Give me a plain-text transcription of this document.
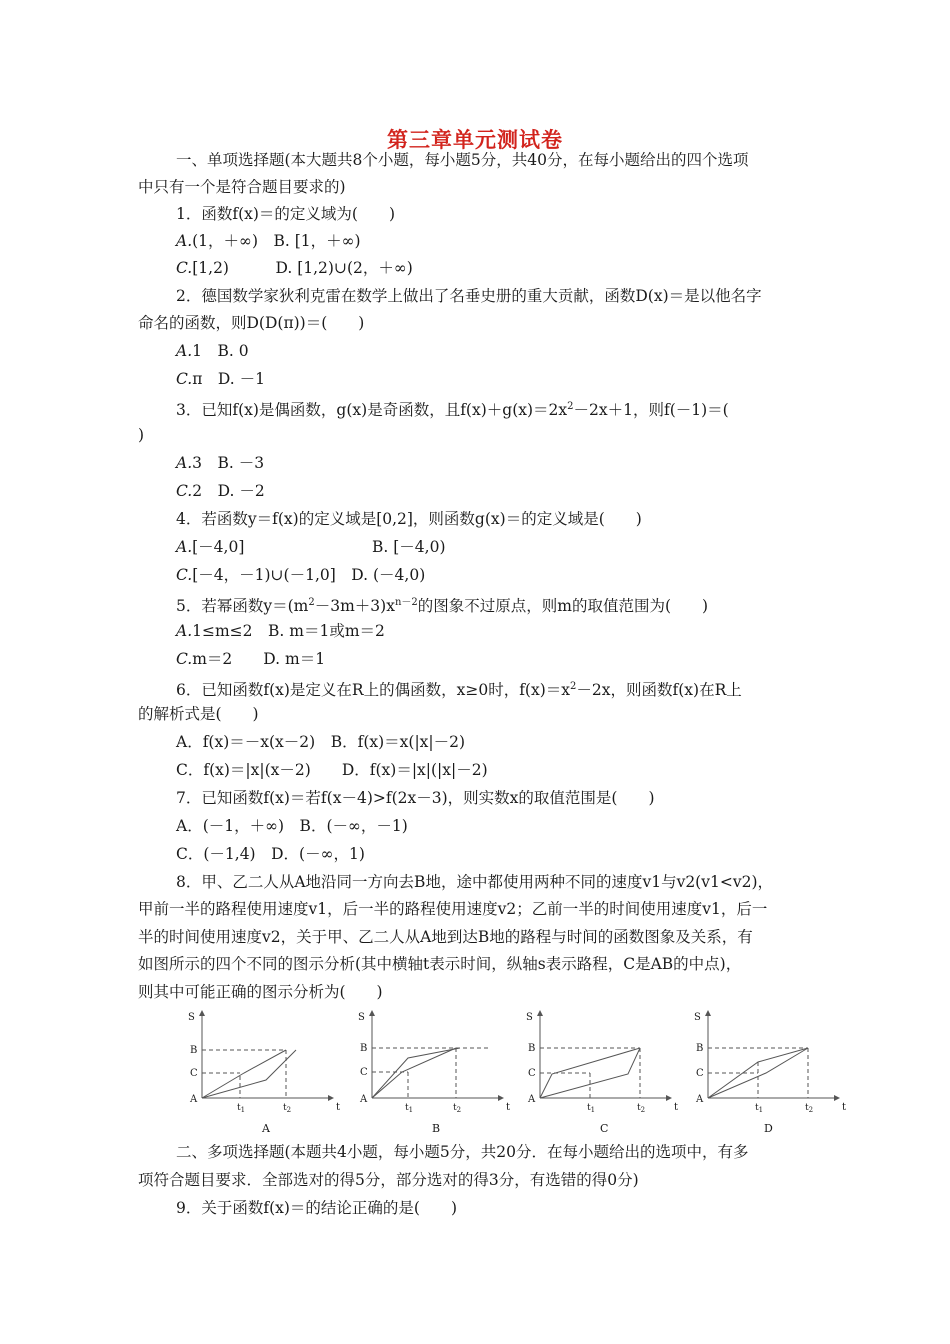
第三章单元测试卷
一、单项选择题(本大题共8个小题，每小题5分，共40分，在每小题给出的四个选项
中只有一个是符合题目要求的)
1．函数f(x)＝的定义域为(　　)
A.(1，＋∞)　B. [1，＋∞)
C.[1,2)　　　D. [1,2)∪(2，＋∞)
2．德国数学家狄利克雷在数学上做出了名垂史册的重大贡献，函数D(x)＝是以他名字
命名的函数，则D(D(π))＝(　　)
A.1　B. 0
C.π　D. －1
3．已知f(x)是偶函数，g(x)是奇函数，且$f(x)+g(x)=2x^2-2x+1$，则f(－1)＝(
)
A.3　B. －3
C.2　D. －2
4．若函数y＝f(x)的定义域是[0,2]，则函数g(x)＝的定义域是(　　)
A.[－4,0]	B. [－4,0)
C.[－4，－1)∪(－1,0]　D. (－4,0)
5．若幂函数$y=(m^2-3m+3)x^{n-2}$的图象不过原点，则m的取值范围为(　　)
A.1≤m≤2　B. m＝1或m＝2
C.m＝2　　D. m＝1
6．已知函数f(x)是定义在R上的偶函数，x≥0时，$f(x)=x^2-2x$，则函数f(x)在R上
的解析式是(　　)
A．f(x)＝－x(x－2)　B．f(x)＝x(|x|－2)
C．f(x)＝|x|(x－2)　　D．f(x)＝|x|(|x|－2)
7．已知函数f(x)＝若f(x－4)>f(2x－3)，则实数x的取值范围是(　　)
A．(－1，＋∞)　B．(－∞，－1)
C．(－1,4)　D．(－∞，1)
8．甲、乙二人从A地沿同一方向去B地，途中都使用两种不同的速度v1与v2(v1<v2)，
甲前一半的路程使用速度v1，后一半的路程使用速度v2；乙前一半的时间使用速度v1，后一
半的时间使用速度v2，关于甲、乙二人从A地到达B地的路程与时间的函数图象及关系，有
如图所示的四个不同的图示分析(其中横轴t表示时间，纵轴s表示路程，C是AB的中点)，
则其中可能正确的图示分析为(　　)
S
t
B
C
A
$t_1$	$t_2$
A
S
t
B
C
A
$t_1$	$t_2$
B
S
t
B
C
A
$t_1$	$t_2$
C
S
t
B
C
A
$t_1$	$t_2$
D
二、多项选择题(本题共4小题，每小题5分，共20分．在每小题给出的选项中，有多
项符合题目要求．全部选对的得5分，部分选对的得3分，有选错的得0分)
9．关于函数f(x)＝的结论正确的是(　　)
